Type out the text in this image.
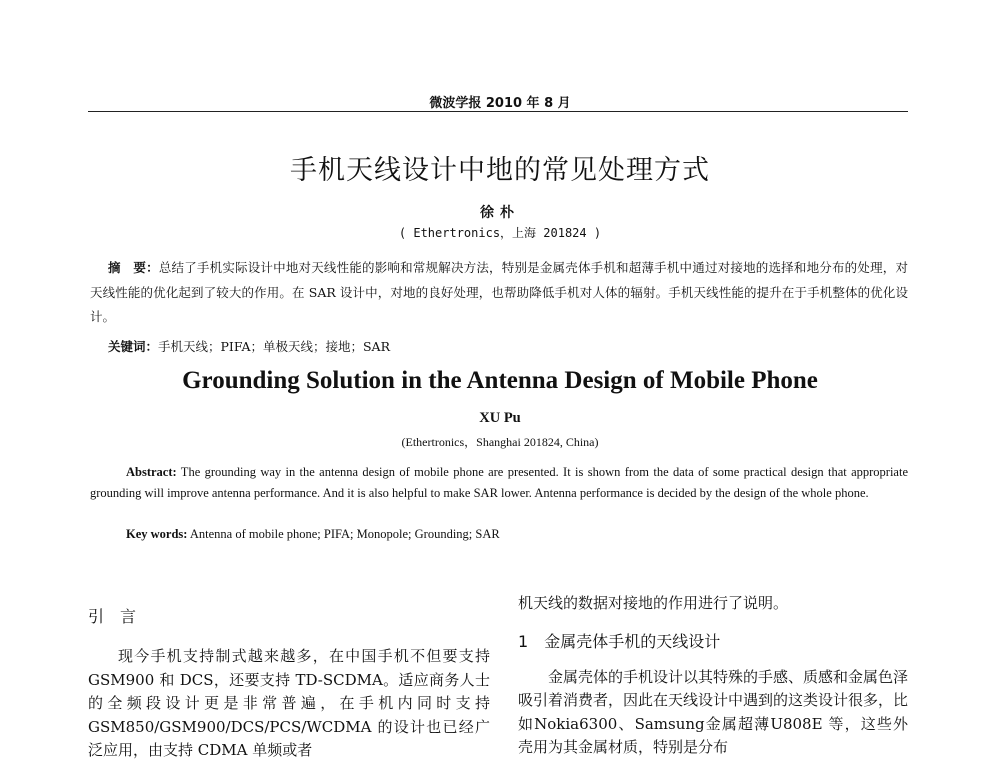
微波学报 2010 年 8 月
手机天线设计中地的常见处理方式
徐朴
( Ethertronics，上海 201824 )
摘　要：总结了手机实际设计中地对天线性能的影响和常规解决方法，特别是金属壳体手机和超薄手机中通过对接地的选择和地分布的处理，对天线性能的优化起到了较大的作用。在 SAR 设计中，对地的良好处理，也帮助降低手机对人体的辐射。手机天线性能的提升在于手机整体的优化设计。
关键词：手机天线；PIFA；单极天线；接地；SAR
Grounding Solution in the Antenna Design of Mobile Phone
XU Pu
(Ethertronics，Shanghai 201824, China)
Abstract: The grounding way in the antenna design of mobile phone are presented. It is shown from the data of some practical design that appropriate grounding will improve antenna performance. And it is also helpful to make SAR lower. Antenna performance is decided by the design of the whole phone.
Key words: Antenna of mobile phone; PIFA; Monopole; Grounding; SAR
引言
现今手机支持制式越来越多，在中国手机不但要支持 GSM900 和 DCS，还要支持 TD-SCDMA。适应商务人士的全频段设计更是非常普遍，在手机内同时支持 GSM850/GSM900/DCS/PCS/WCDMA 的设计也已经广泛应用，由支持 CDMA 单频或者
机天线的数据对接地的作用进行了说明。
1 金属壳体手机的天线设计
金属壳体的手机设计以其特殊的手感、质感和金属色泽吸引着消费者，因此在天线设计中遇到的这类设计很多，比如Nokia6300、Samsung金属超薄U808E 等，这些外壳用为其金属材质，特别是分布
